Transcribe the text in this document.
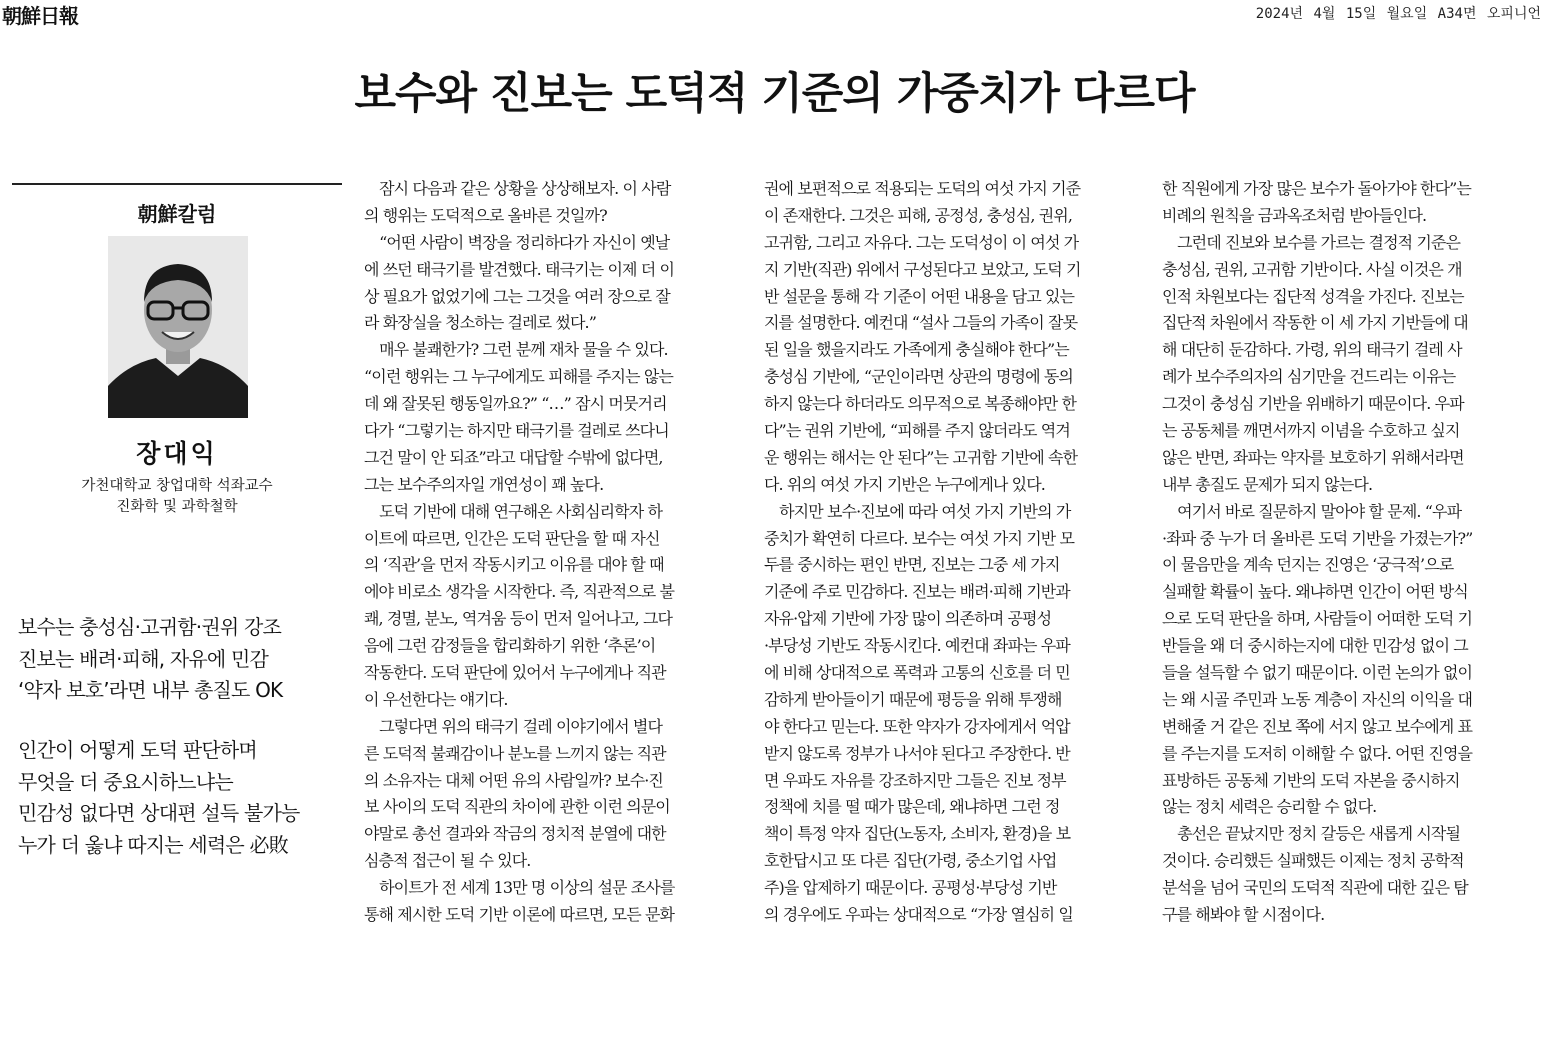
朝鮮日報	2024년 4월 15일 월요일 A34면 오피니언
보수와 진보는 도덕적 기준의 가중치가 다르다
朝鮮칼럼
장대익
가천대학교 창업대학 석좌교수
진화학 및 과학철학
보수는 충성심·고귀함·권위 강조
진보는 배려·피해, 자유에 민감
‘약자 보호’라면 내부 총질도 OK
인간이 어떻게 도덕 판단하며
무엇을 더 중요시하느냐는
민감성 없다면 상대편 설득 불가능
누가 더 옳냐 따지는 세력은 必敗
　잠시 다음과 같은 상황을 상상해보자. 이 사람
의 행위는 도덕적으로 올바른 것일까?
　“어떤 사람이 벽장을 정리하다가 자신이 옛날
에 쓰던 태극기를 발견했다. 태극기는 이제 더 이
상 필요가 없었기에 그는 그것을 여러 장으로 잘
라 화장실을 청소하는 걸레로 썼다.”
　매우 불쾌한가? 그런 분께 재차 물을 수 있다.
“이런 행위는 그 누구에게도 피해를 주지는 않는
데 왜 잘못된 행동일까요?” “…” 잠시 머뭇거리
다가 “그렇기는 하지만 태극기를 걸레로 쓰다니
그건 말이 안 되죠”라고 대답할 수밖에 없다면,
그는 보수주의자일 개연성이 꽤 높다.
　도덕 기반에 대해 연구해온 사회심리학자 하
이트에 따르면, 인간은 도덕 판단을 할 때 자신
의 ‘직관’을 먼저 작동시키고 이유를 대야 할 때
에야 비로소 생각을 시작한다. 즉, 직관적으로 불
쾌, 경멸, 분노, 역겨움 등이 먼저 일어나고, 그다
음에 그런 감정들을 합리화하기 위한 ‘추론’이
작동한다. 도덕 판단에 있어서 누구에게나 직관
이 우선한다는 얘기다.
　그렇다면 위의 태극기 걸레 이야기에서 별다
른 도덕적 불쾌감이나 분노를 느끼지 않는 직관
의 소유자는 대체 어떤 유의 사람일까? 보수·진
보 사이의 도덕 직관의 차이에 관한 이런 의문이
야말로 총선 결과와 작금의 정치적 분열에 대한
심층적 접근이 될 수 있다.
　하이트가 전 세계 13만 명 이상의 설문 조사를
통해 제시한 도덕 기반 이론에 따르면, 모든 문화
권에 보편적으로 적용되는 도덕의 여섯 가지 기준
이 존재한다. 그것은 피해, 공정성, 충성심, 권위,
고귀함, 그리고 자유다. 그는 도덕성이 이 여섯 가
지 기반(직관) 위에서 구성된다고 보았고, 도덕 기
반 설문을 통해 각 기준이 어떤 내용을 담고 있는
지를 설명한다. 예컨대 “설사 그들의 가족이 잘못
된 일을 했을지라도 가족에게 충실해야 한다”는
충성심 기반에, “군인이라면 상관의 명령에 동의
하지 않는다 하더라도 의무적으로 복종해야만 한
다”는 권위 기반에, “피해를 주지 않더라도 역겨
운 행위는 해서는 안 된다”는 고귀함 기반에 속한
다. 위의 여섯 가지 기반은 누구에게나 있다.
　하지만 보수·진보에 따라 여섯 가지 기반의 가
중치가 확연히 다르다. 보수는 여섯 가지 기반 모
두를 중시하는 편인 반면, 진보는 그중 세 가지
기준에 주로 민감하다. 진보는 배려·피해 기반과
자유·압제 기반에 가장 많이 의존하며 공평성
·부당성 기반도 작동시킨다. 예컨대 좌파는 우파
에 비해 상대적으로 폭력과 고통의 신호를 더 민
감하게 받아들이기 때문에 평등을 위해 투쟁해
야 한다고 믿는다. 또한 약자가 강자에게서 억압
받지 않도록 정부가 나서야 된다고 주장한다. 반
면 우파도 자유를 강조하지만 그들은 진보 정부
정책에 치를 떨 때가 많은데, 왜냐하면 그런 정
책이 특정 약자 집단(노동자, 소비자, 환경)을 보
호한답시고 또 다른 집단(가령, 중소기업 사업
주)을 압제하기 때문이다. 공평성·부당성 기반
의 경우에도 우파는 상대적으로 “가장 열심히 일
한 직원에게 가장 많은 보수가 돌아가야 한다”는
비례의 원칙을 금과옥조처럼 받아들인다.
　그런데 진보와 보수를 가르는 결정적 기준은
충성심, 권위, 고귀함 기반이다. 사실 이것은 개
인적 차원보다는 집단적 성격을 가진다. 진보는
집단적 차원에서 작동한 이 세 가지 기반들에 대
해 대단히 둔감하다. 가령, 위의 태극기 걸레 사
례가 보수주의자의 심기만을 건드리는 이유는
그것이 충성심 기반을 위배하기 때문이다. 우파
는 공동체를 깨면서까지 이념을 수호하고 싶지
않은 반면, 좌파는 약자를 보호하기 위해서라면
내부 총질도 문제가 되지 않는다.
　여기서 바로 질문하지 말아야 할 문제. “우파
·좌파 중 누가 더 올바른 도덕 기반을 가졌는가?”
이 물음만을 계속 던지는 진영은 ‘궁극적’으로
실패할 확률이 높다. 왜냐하면 인간이 어떤 방식
으로 도덕 판단을 하며, 사람들이 어떠한 도덕 기
반들을 왜 더 중시하는지에 대한 민감성 없이 그
들을 설득할 수 없기 때문이다. 이런 논의가 없이
는 왜 시골 주민과 노동 계층이 자신의 이익을 대
변해줄 거 같은 진보 쪽에 서지 않고 보수에게 표
를 주는지를 도저히 이해할 수 없다. 어떤 진영을
표방하든 공동체 기반의 도덕 자본을 중시하지
않는 정치 세력은 승리할 수 없다.
　총선은 끝났지만 정치 갈등은 새롭게 시작될
것이다. 승리했든 실패했든 이제는 정치 공학적
분석을 넘어 국민의 도덕적 직관에 대한 깊은 탐
구를 해봐야 할 시점이다.
